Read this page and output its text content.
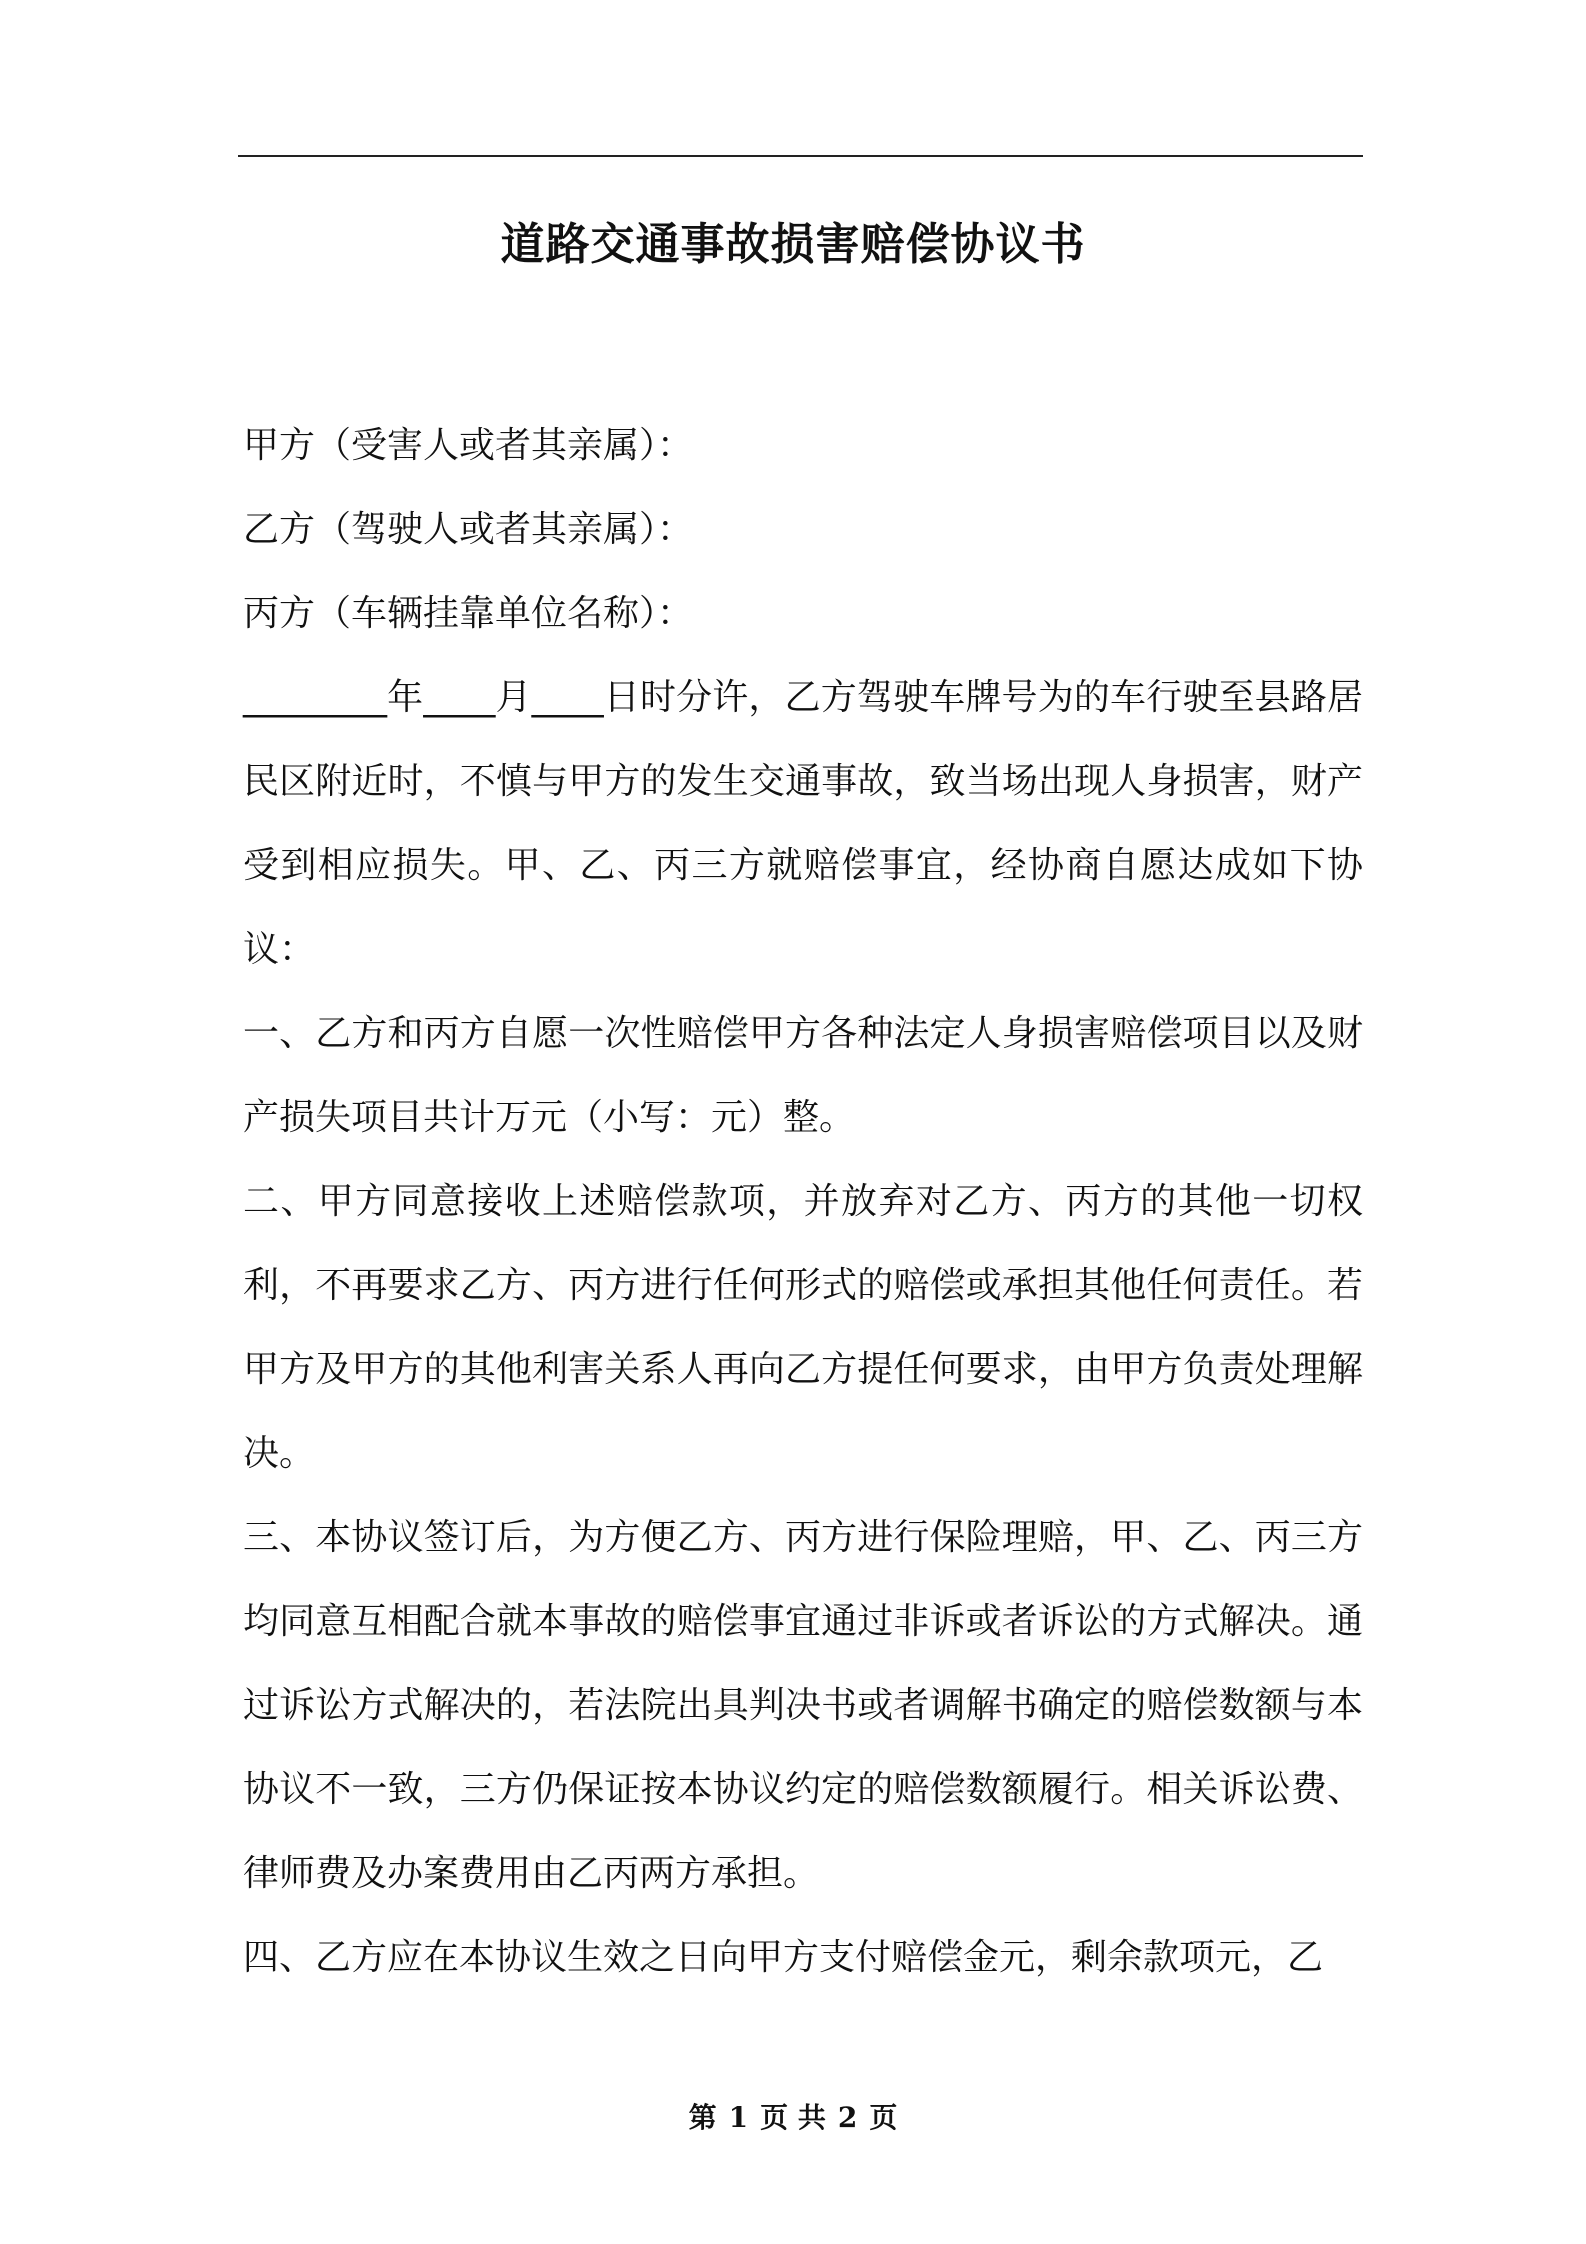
道路交通事故损害赔偿协议书

甲方（受害人或者其亲属）：

乙方（驾驶人或者其亲属）：

丙方（车辆挂靠单位名称）：

________年____月____日时分许，乙方驾驶车牌号为的车行驶至县路居民区附近时，不慎与甲方的发生交通事故，致当场出现人身损害，财产受到相应损失。甲、乙、丙三方就赔偿事宜，经协商自愿达成如下协议：

一、乙方和丙方自愿一次性赔偿甲方各种法定人身损害赔偿项目以及财产损失项目共计万元（小写：元）整。

二、甲方同意接收上述赔偿款项，并放弃对乙方、丙方的其他一切权利，不再要求乙方、丙方进行任何形式的赔偿或承担其他任何责任。若甲方及甲方的其他利害关系人再向乙方提任何要求，由甲方负责处理解决。

三、本协议签订后，为方便乙方、丙方进行保险理赔，甲、乙、丙三方均同意互相配合就本事故的赔偿事宜通过非诉或者诉讼的方式解决。通过诉讼方式解决的，若法院出具判决书或者调解书确定的赔偿数额与本协议不一致，三方仍保证按本协议约定的赔偿数额履行。相关诉讼费、律师费及办案费用由乙丙两方承担。

四、乙方应在本协议生效之日向甲方支付赔偿金元，剩余款项元，乙

第 1 页 共 2 页
